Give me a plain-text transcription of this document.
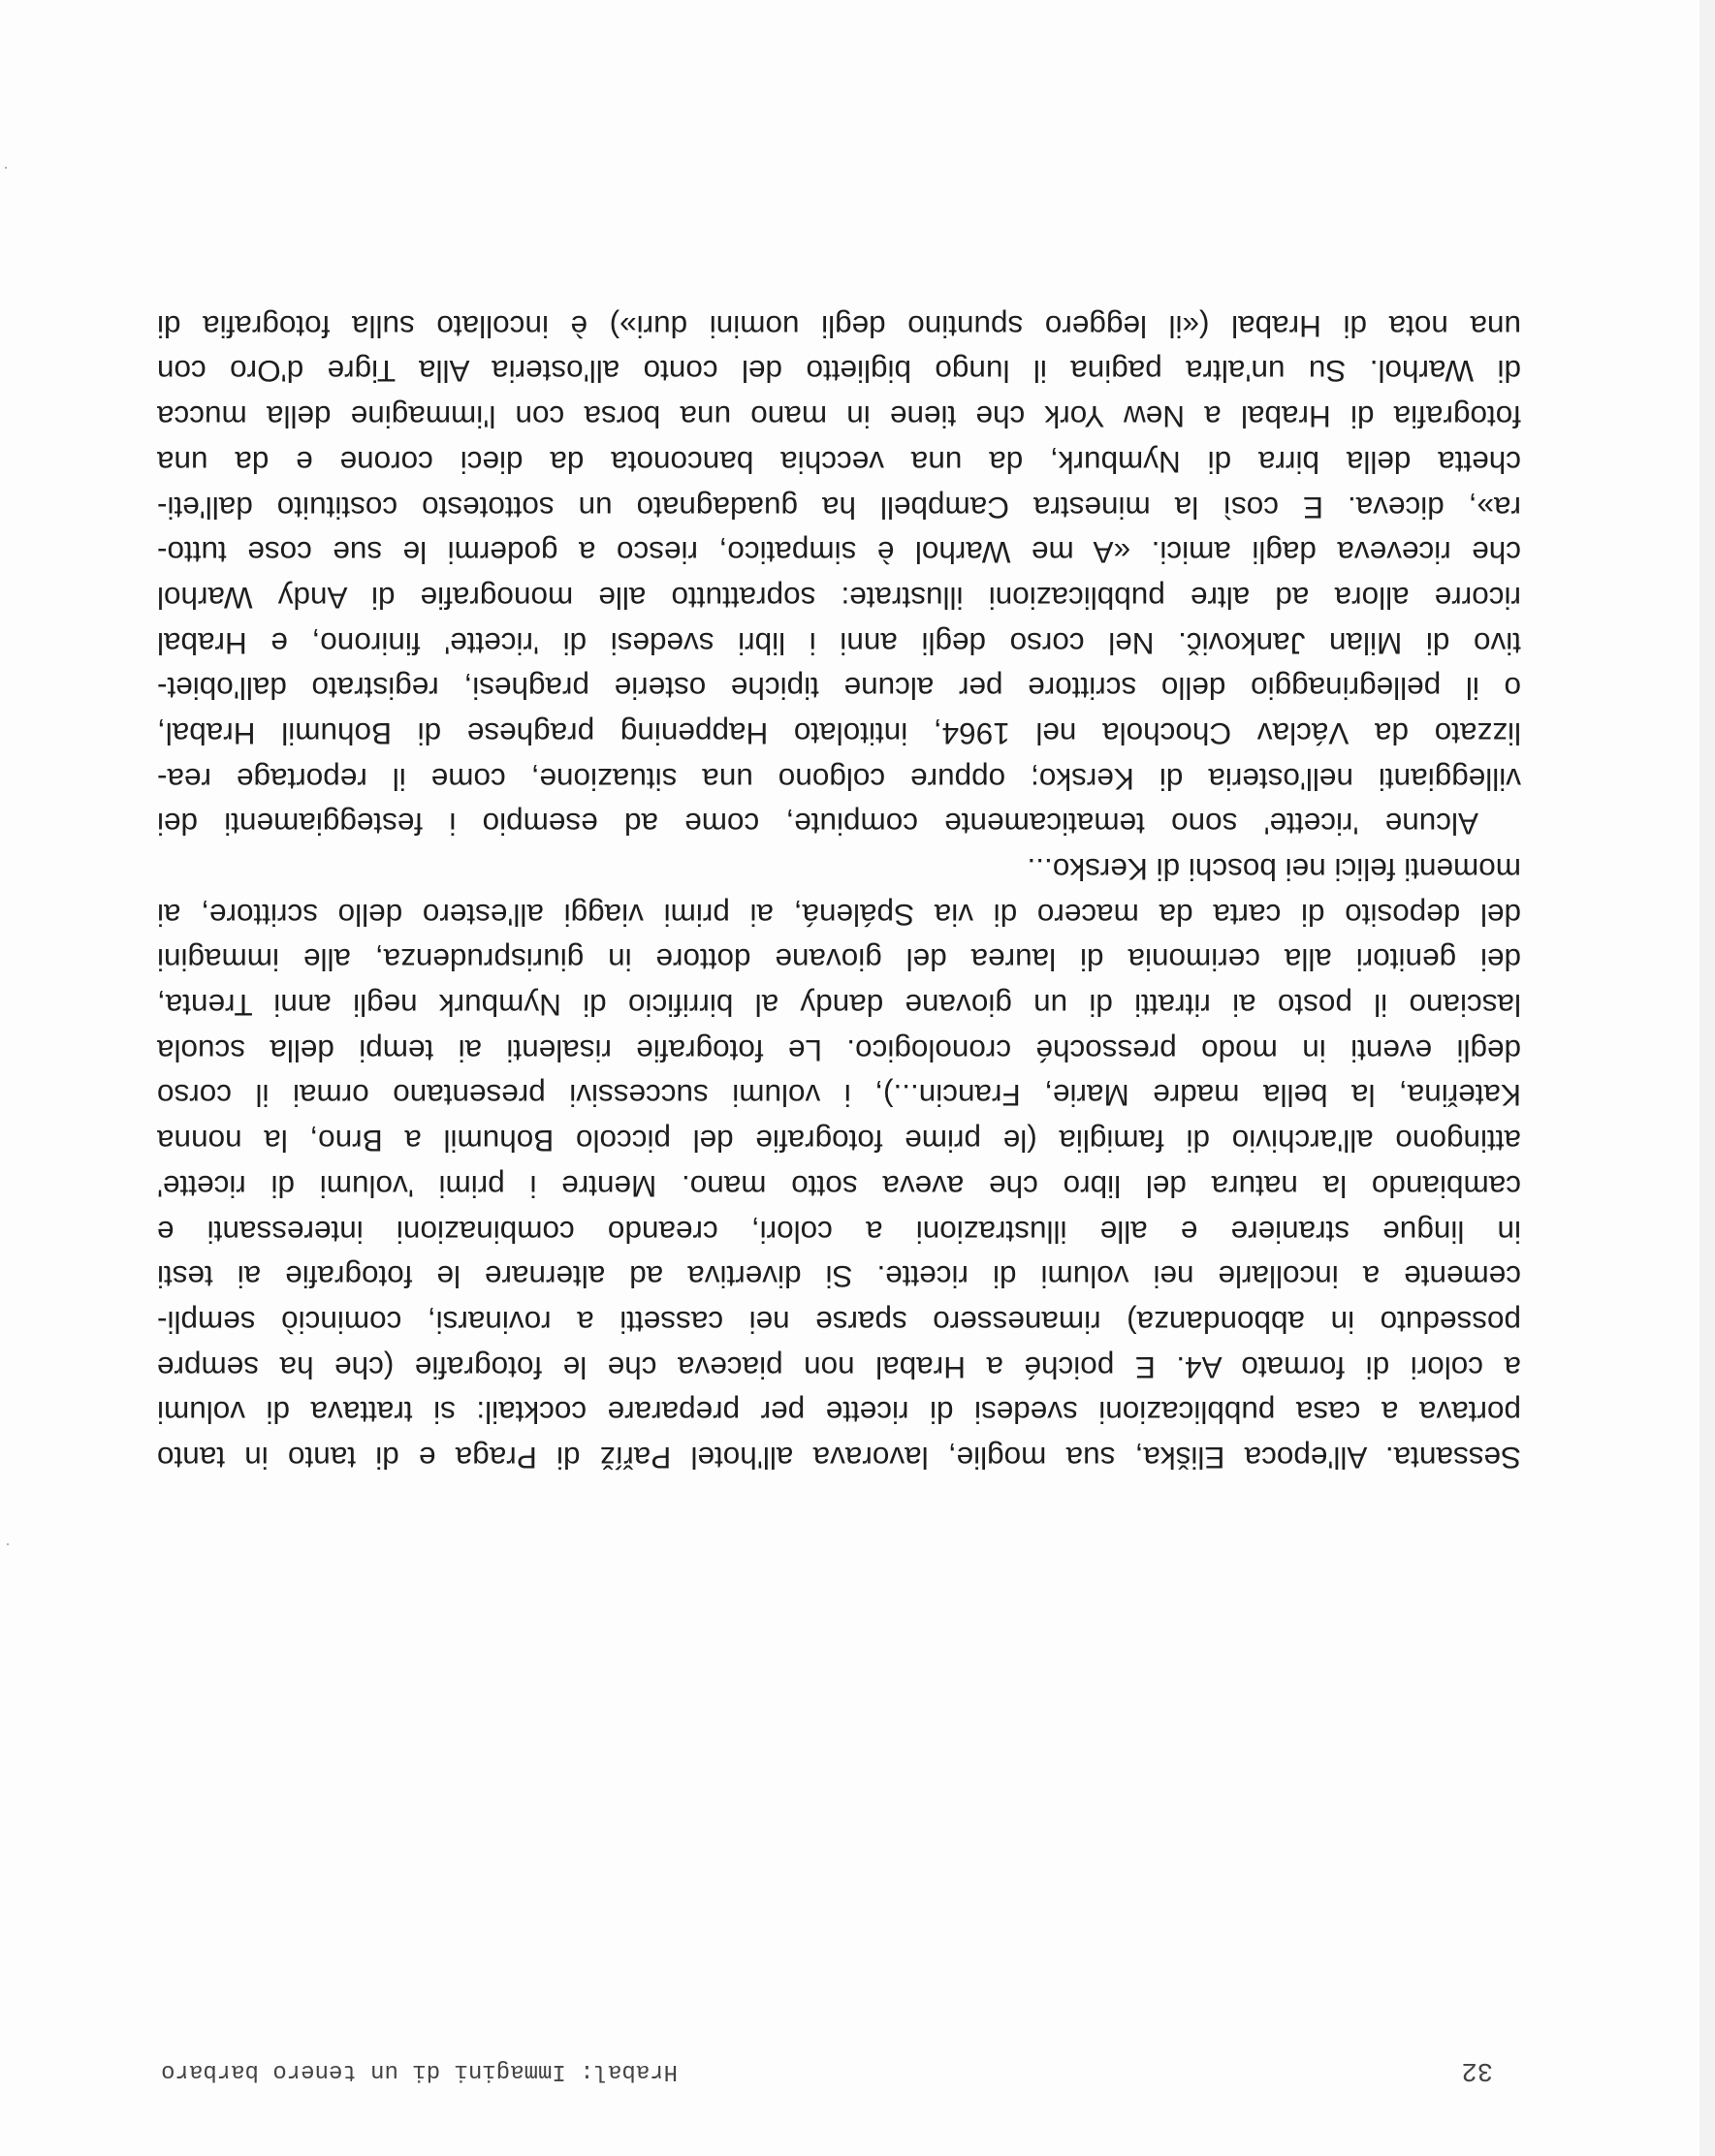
32
Hrabal: Immagini di un tenero barbaro
Sessanta. All'epoca Eliška, sua moglie, lavorava all'hotel Paříž di Praga e di tanto in tanto
portava a casa pubblicazioni svedesi di ricette per preparare cocktail: si trattava di volumi
a colori di formato A4. E poiché a Hrabal non piaceva che le fotografie (che ha sempre
posseduto in abbondanza) rimanessero sparse nei cassetti a rovinarsi, cominciò sempli-
cemente a incollarle nei volumi di ricette. Si divertiva ad alternare le fotografie ai testi
in lingue straniere e alle illustrazioni a colori, creando combinazioni interessanti e
cambiando la natura del libro che aveva sotto mano. Mentre i primi 'volumi di ricette'
attingono all'archivio di famiglia (le prime fotografie del piccolo Bohumil a Brno, la nonna
Kateřina, la bella madre Marie, Francin...), i volumi successivi presentano ormai il corso
degli eventi in modo pressoché cronologico. Le fotografie risalenti ai tempi della scuola
lasciano il posto ai ritratti di un giovane dandy al birrificio di Nymburk negli anni Trenta,
dei genitori alla cerimonia di laurea del giovane dottore in giurisprudenza, alle immagini
del deposito di carta da macero di via Spálená, ai primi viaggi all'estero dello scrittore, ai
momenti felici nei boschi di Kersko...
Alcune 'ricette' sono tematicamente compiute, come ad esempio i festeggiamenti dei
villeggianti nell'osteria di Kersko; oppure colgono una situazione, come il reportage rea-
lizzato da Václav Chochola nel 1964, intitolato Happening praghese di Bohumil Hrabal,
o il pellegrinaggio dello scrittore per alcune tipiche osterie praghesi, registrato dall'obiet-
tivo di Milan Jankovič. Nel corso degli anni i libri svedesi di 'ricette' finirono, e Hrabal
ricorre allora ad altre pubblicazioni illustrate: soprattutto alle monografie di Andy Warhol
che riceveva dagli amici. «A me Warhol è simpatico, riesco a godermi le sue cose tutto-
ra», diceva. E così la minestra Campbell ha guadagnato un sottotesto costituito dall'eti-
chetta della birra di Nymburk, da una vecchia banconota da dieci corone e da una
fotografia di Hrabal a New York che tiene in mano una borsa con l'immagine della mucca
di Warhol. Su un'altra pagina il lungo biglietto del conto all'osteria Alla Tigre d'Oro con
una nota di Hrabal («il leggero spuntino degli uomini duri») è incollato sulla fotografia di
